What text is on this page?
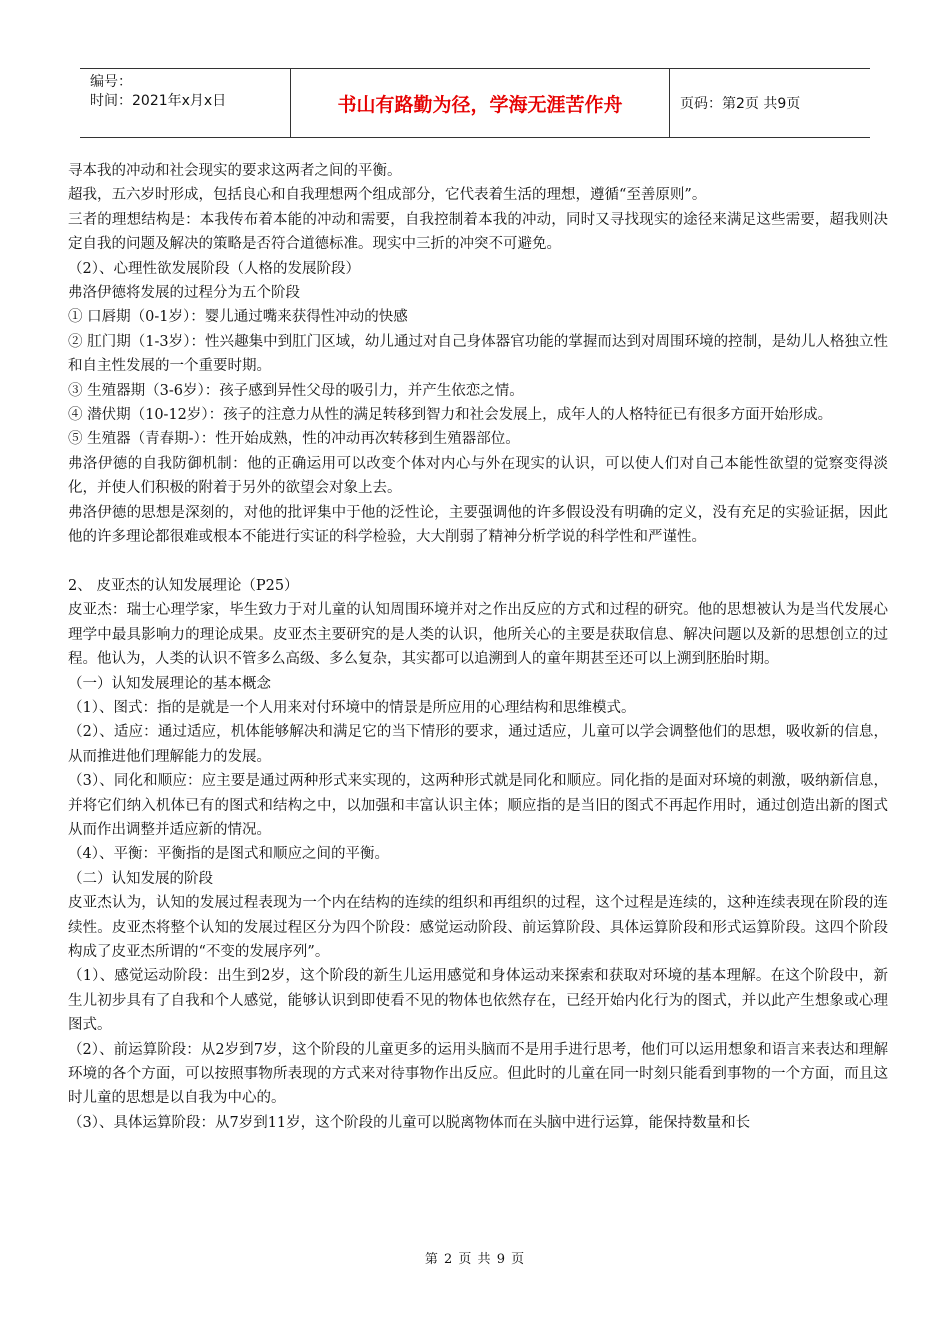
编号：
时间：2021年x月x日	书山有路勤为径，学海无涯苦作舟	页码：第2页 共9页

寻本我的冲动和社会现实的要求这两者之间的平衡。

超我，五六岁时形成，包括良心和自我理想两个组成部分，它代表着生活的理想，遵循“至善原则”。

三者的理想结构是：本我传布着本能的冲动和需要，自我控制着本我的冲动，同时又寻找现实的途径来满足这些需要，超我则决定自我的问题及解决的策略是否符合道德标准。现实中三折的冲突不可避免。

（2）、心理性欲发展阶段（人格的发展阶段）

弗洛伊德将发展的过程分为五个阶段

① 口唇期（0-1岁）：婴儿通过嘴来获得性冲动的快感

② 肛门期（1-3岁）：性兴趣集中到肛门区域，幼儿通过对自己身体器官功能的掌握而达到对周围环境的控制，是幼儿人格独立性和自主性发展的一个重要时期。

③ 生殖器期（3-6岁）：孩子感到异性父母的吸引力，并产生依恋之情。

④ 潜伏期（10-12岁）：孩子的注意力从性的满足转移到智力和社会发展上，成年人的人格特征已有很多方面开始形成。

⑤ 生殖器（青春期-）：性开始成熟，性的冲动再次转移到生殖器部位。

弗洛伊德的自我防御机制：他的正确运用可以改变个体对内心与外在现实的认识，可以使人们对自己本能性欲望的觉察变得淡化，并使人们积极的附着于另外的欲望会对象上去。

弗洛伊德的思想是深刻的，对他的批评集中于他的泛性论，主要强调他的许多假设没有明确的定义，没有充足的实验证据，因此他的许多理论都很难或根本不能进行实证的科学检验，大大削弱了精神分析学说的科学性和严谨性。

2、 皮亚杰的认知发展理论（P25）

皮亚杰：瑞士心理学家，毕生致力于对儿童的认知周围环境并对之作出反应的方式和过程的研究。他的思想被认为是当代发展心理学中最具影响力的理论成果。皮亚杰主要研究的是人类的认识，他所关心的主要是获取信息、解决问题以及新的思想创立的过程。他认为，人类的认识不管多么高级、多么复杂，其实都可以追溯到人的童年期甚至还可以上溯到胚胎时期。

（一）认知发展理论的基本概念

（1）、图式：指的是就是一个人用来对付环境中的情景是所应用的心理结构和思维模式。

（2）、适应：通过适应，机体能够解决和满足它的当下情形的要求，通过适应，儿童可以学会调整他们的思想，吸收新的信息，从而推进他们理解能力的发展。

（3）、同化和顺应：应主要是通过两种形式来实现的，这两种形式就是同化和顺应。同化指的是面对环境的刺激，吸纳新信息，并将它们纳入机体已有的图式和结构之中，以加强和丰富认识主体；顺应指的是当旧的图式不再起作用时，通过创造出新的图式从而作出调整并适应新的情况。

（4）、平衡：平衡指的是图式和顺应之间的平衡。

（二）认知发展的阶段

皮亚杰认为，认知的发展过程表现为一个内在结构的连续的组织和再组织的过程，这个过程是连续的，这种连续表现在阶段的连续性。皮亚杰将整个认知的发展过程区分为四个阶段：感觉运动阶段、前运算阶段、具体运算阶段和形式运算阶段。这四个阶段构成了皮亚杰所谓的“不变的发展序列”。

（1）、感觉运动阶段：出生到2岁，这个阶段的新生儿运用感觉和身体运动来探索和获取对环境的基本理解。在这个阶段中，新生儿初步具有了自我和个人感觉，能够认识到即使看不见的物体也依然存在，已经开始内化行为的图式，并以此产生想象或心理图式。

（2）、前运算阶段：从2岁到7岁，这个阶段的儿童更多的运用头脑而不是用手进行思考，他们可以运用想象和语言来表达和理解环境的各个方面，可以按照事物所表现的方式来对待事物作出反应。但此时的儿童在同一时刻只能看到事物的一个方面，而且这时儿童的思想是以自我为中心的。

（3）、具体运算阶段：从7岁到11岁，这个阶段的儿童可以脱离物体而在头脑中进行运算，能保持数量和长

第 2 页 共 9 页
